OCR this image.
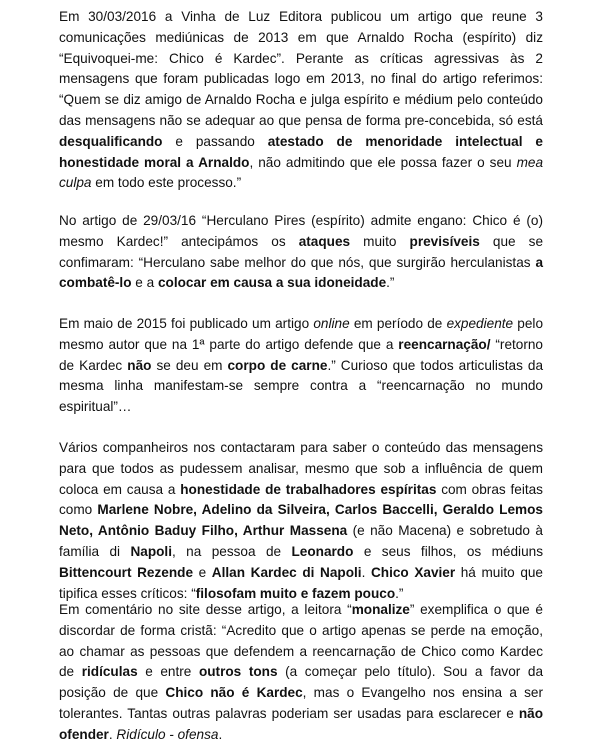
Em 30/03/2016 a Vinha de Luz Editora publicou um artigo que reune 3 comunicações mediúnicas de 2013 em que Arnaldo Rocha (espírito) diz “Equivoquei-me: Chico é Kardec”. Perante as críticas agressivas às 2 mensagens que foram publicadas logo em 2013, no final do artigo referimos: “Quem se diz amigo de Arnaldo Rocha e julga espírito e médium pelo conteúdo das mensagens não se adequar ao que pensa de forma pre-concebida, só está desqualificando e passando atestado de menoridade intelectual e honestidade moral a Arnaldo, não admitindo que ele possa fazer o seu mea culpa em todo este processo.”

No artigo de 29/03/16 “Herculano Pires (espírito) admite engano: Chico é (o) mesmo Kardec!” antecipámos os ataques muito previsíveis que se confimaram: “Herculano sabe melhor do que nós, que surgirão herculanistas a combatê-lo e a colocar em causa a sua idoneidade.”

Em maio de 2015 foi publicado um artigo online em período de expediente pelo mesmo autor que na 1ª parte do artigo defende que a reencarnação/ “retorno de Kardec não se deu em corpo de carne.” Curioso que todos articulistas da mesma linha manifestam-se sempre contra a “reencarnação no mundo espiritual”…

Vários companheiros nos contactaram para saber o conteúdo das mensagens para que todos as pudessem analisar, mesmo que sob a influência de quem coloca em causa a honestidade de trabalhadores espíritas com obras feitas como Marlene Nobre, Adelino da Silveira, Carlos Baccelli, Geraldo Lemos Neto, Antônio Baduy Filho, Arthur Massena (e não Macena) e sobretudo à família di Napoli, na pessoa de Leonardo e seus filhos, os médiuns Bittencourt Rezende e Allan Kardec di Napoli. Chico Xavier há muito que tipifica esses críticos: “filosofam muito e fazem pouco.”

Em comentário no site desse artigo, a leitora “monalize” exemplifica o que é discordar de forma cristã: “Acredito que o artigo apenas se perde na emoção, ao chamar as pessoas que defendem a reencarnação de Chico como Kardec de ridículas e entre outros tons (a começar pelo título). Sou a favor da posição de que Chico não é Kardec, mas o Evangelho nos ensina a ser tolerantes. Tantas outras palavras poderiam ser usadas para esclarecer e não ofender. Ridículo - ofensa.
